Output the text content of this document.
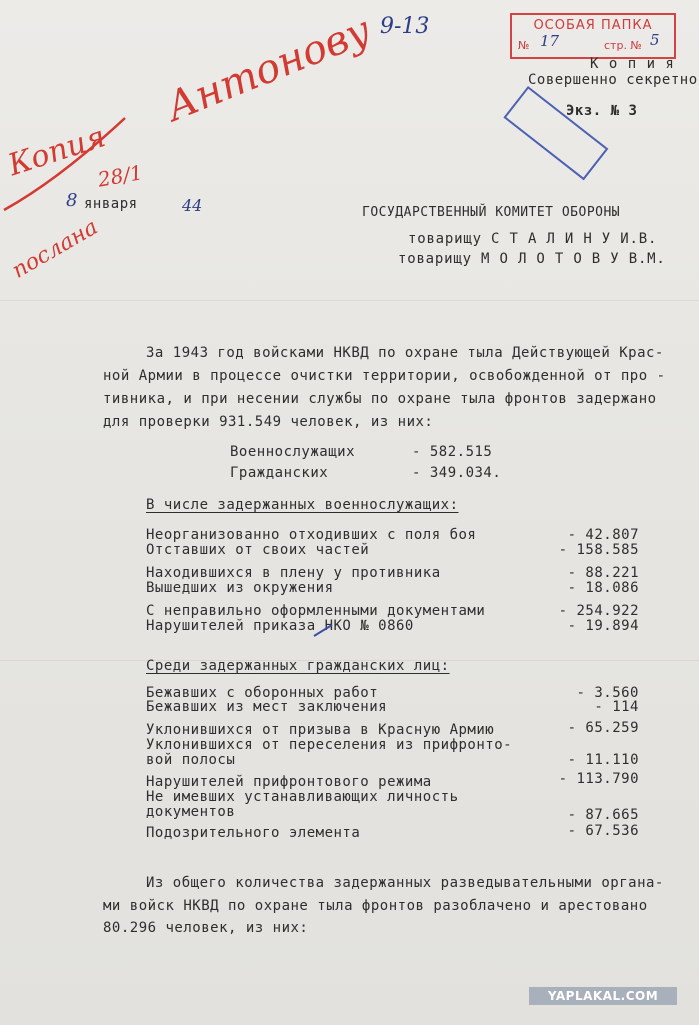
ОСОБАЯ ПАПКА
№ 17	стр. № 5
К о п и я
Совершенно секретно
Экз. № 3
9-13
Антонову
Копия
послана
28/1
8 января	44	ГОСУДАРСТВЕННЫЙ КОМИТЕТ ОБОРОНЫ
товарищу С Т А Л И Н У И.В.
товарищу М О Л О Т О В У В.М.
За 1943 год войсками НКВД по охране тыла Действующей Крас-
ной Армии в процессе очистки территории, освобожденной от про -
тивника, и при несении службы по охране тыла фронтов задержано
для проверки 931.549 человек, из них:
Военнослужащих	- 582.515
Гражданских	- 349.034.
В числе задержанных военнослужащих:
Неорганизованно отходивших с поля боя	- 42.807
Отставших от своих частей	- 158.585
Находившихся в плену у противника	- 88.221
Вышедших из окружения	- 18.086
С неправильно оформленными документами	- 254.922
Нарушителей приказа НКО № 0860	- 19.894
Среди задержанных гражданских лиц:
Бежавших с оборонных работ	- 3.560
Бежавших из мест заключения	- 114
Уклонившихся от призыва в Красную Армию	- 65.259
Уклонившихся от переселения из прифронто-
вой полосы	- 11.110
Нарушителей прифронтового режима	- 113.790
Не имевших устанавливающих личность
документов	- 87.665
Подозрительного элемента	- 67.536
Из общего количества задержанных разведывательными органа-
ми войск НКВД по охране тыла фронтов разоблачено и арестовано
80.296 человек, из них:
YAPLAKAL.COM
